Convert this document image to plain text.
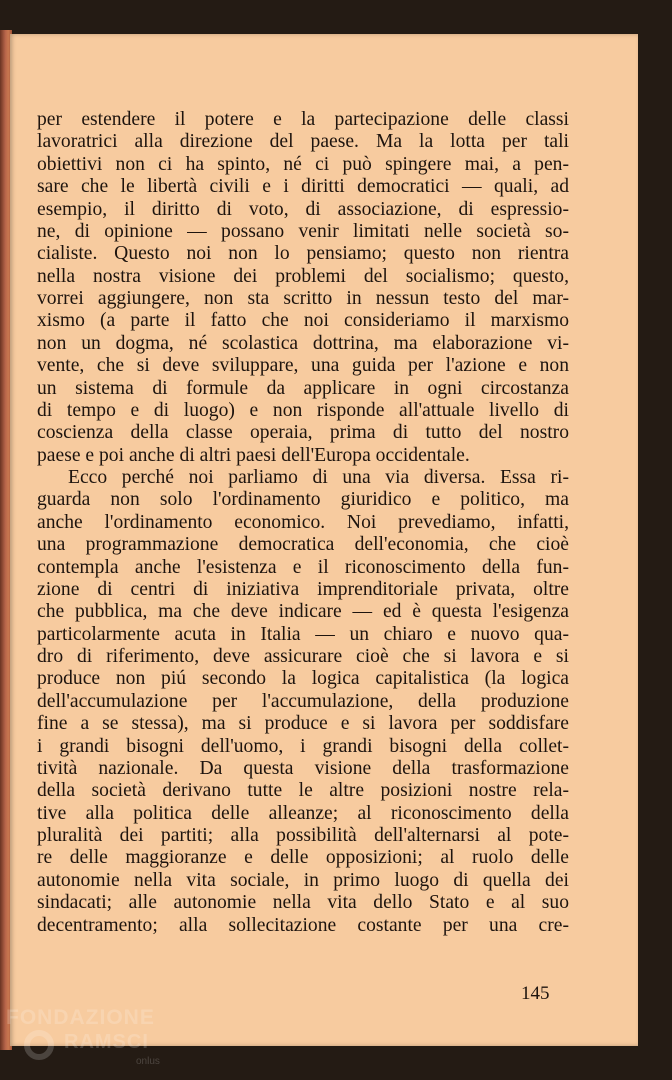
per estendere il potere e la partecipazione delle classi
lavoratrici alla direzione del paese. Ma la lotta per tali
obiettivi non ci ha spinto, né ci può spingere mai, a pen-
sare che le libertà civili e i diritti democratici — quali, ad
esempio, il diritto di voto, di associazione, di espressio-
ne, di opinione — possano venir limitati nelle società so-
cialiste. Questo noi non lo pensiamo; questo non rientra
nella nostra visione dei problemi del socialismo; questo,
vorrei aggiungere, non sta scritto in nessun testo del mar-
xismo (a parte il fatto che noi consideriamo il marxismo
non un dogma, né scolastica dottrina, ma elaborazione vi-
vente, che si deve sviluppare, una guida per l'azione e non
un sistema di formule da applicare in ogni circostanza
di tempo e di luogo) e non risponde all'attuale livello di
coscienza della classe operaia, prima di tutto del nostro
paese e poi anche di altri paesi dell'Europa occidentale.
Ecco perché noi parliamo di una via diversa. Essa ri-
guarda non solo l'ordinamento giuridico e politico, ma
anche l'ordinamento economico. Noi prevediamo, infatti,
una programmazione democratica dell'economia, che cioè
contempla anche l'esistenza e il riconoscimento della fun-
zione di centri di iniziativa imprenditoriale privata, oltre
che pubblica, ma che deve indicare — ed è questa l'esigenza
particolarmente acuta in Italia — un chiaro e nuovo qua-
dro di riferimento, deve assicurare cioè che si lavora e si
produce non piú secondo la logica capitalistica (la logica
dell'accumulazione per l'accumulazione, della produzione
fine a se stessa), ma si produce e si lavora per soddisfare
i grandi bisogni dell'uomo, i grandi bisogni della collet-
tività nazionale. Da questa visione della trasformazione
della società derivano tutte le altre posizioni nostre rela-
tive alla politica delle alleanze; al riconoscimento della
pluralità dei partiti; alla possibilità dell'alternarsi al pote-
re delle maggioranze e delle opposizioni; al ruolo delle
autonomie nella vita sociale, in primo luogo di quella dei
sindacati; alle autonomie nella vita dello Stato e al suo
decentramento; alla sollecitazione costante per una cre-
145
FONDAZIONE
RAMSCI
onlus
